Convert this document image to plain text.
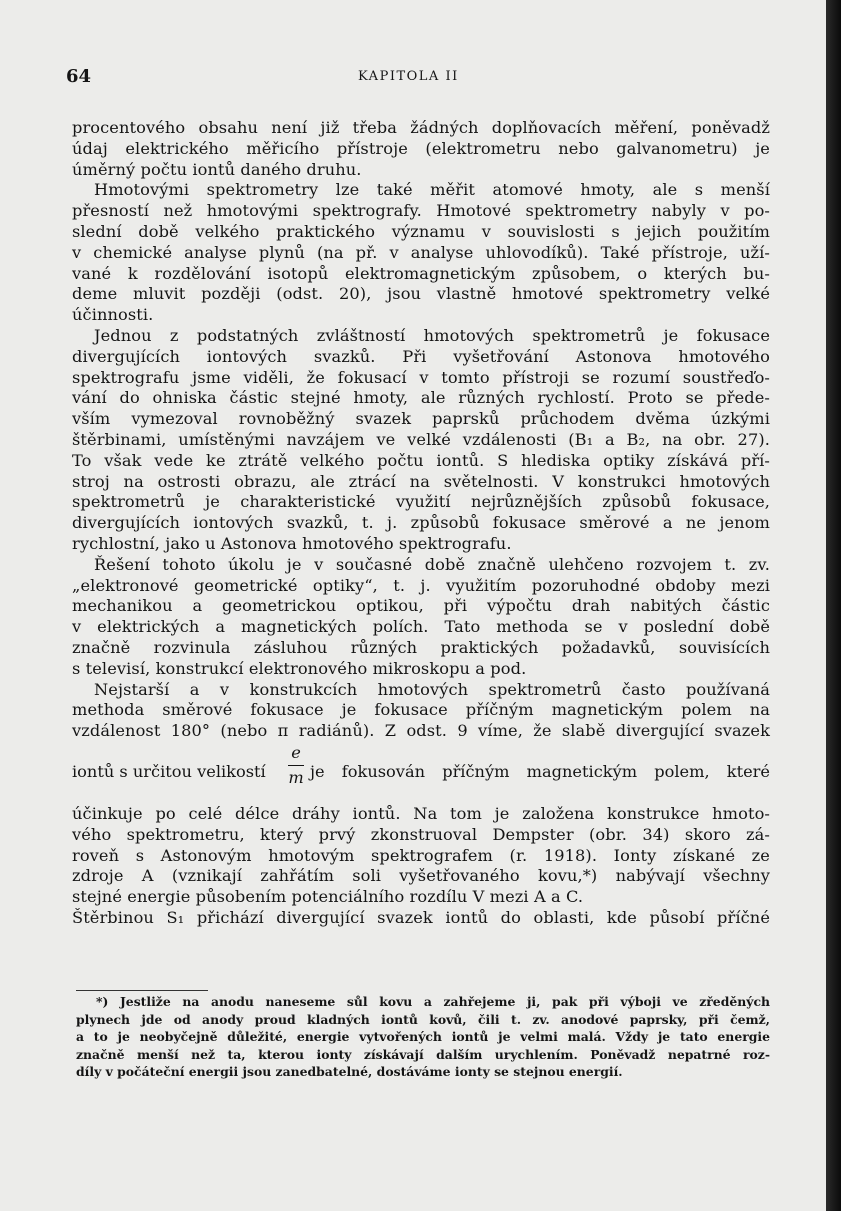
64	KAPITOLA II
procentového obsahu není již třeba žádných doplňovacích měření, poněvadž
údaj elektrického měřicího přístroje (elektrometru nebo galvanometru) je
úměrný počtu iontů daného druhu.
Hmotovými spektrometry lze také měřit atomové hmoty, ale s menší
přesností než hmotovými spektrografy. Hmotové spektrometry nabyly v po-
slední době velkého praktického významu v souvislosti s jejich použitím
v chemické analyse plynů (na př. v analyse uhlovodíků). Také přístroje, uží-
vané k rozdělování isotopů elektromagnetickým způsobem, o kterých bu-
deme mluvit později (odst. 20), jsou vlastně hmotové spektrometry velké
účinnosti.
Jednou z podstatných zvláštností hmotových spektrometrů je fokusace
divergujících iontových svazků. Při vyšetřování Astonova hmotového
spektrografu jsme viděli, že fokusací v tomto přístroji se rozumí soustřeďo-
vání do ohniska částic stejné hmoty, ale různých rychlostí. Proto se přede-
vším vymezoval rovnoběžný svazek paprsků průchodem dvěma úzkými
štěrbinami, umístěnými navzájem ve velké vzdálenosti (B₁ a B₂, na obr. 27).
To však vede ke ztrátě velkého počtu iontů. S hlediska optiky získává pří-
stroj na ostrosti obrazu, ale ztrácí na světelnosti. V konstrukci hmotových
spektrometrů je charakteristické využití nejrůznějších způsobů fokusace,
divergujících iontových svazků, t. j. způsobů fokusace směrové a ne jenom
rychlostní, jako u Astonova hmotového spektrografu.
Řešení tohoto úkolu je v současné době značně ulehčeno rozvojem t. zv.
„elektronové geometrické optiky“, t. j. využitím pozoruhodné obdoby mezi
mechanikou a geometrickou optikou, při výpočtu drah nabitých částic
v elektrických a magnetických polích. Tato methoda se v poslední době
značně rozvinula zásluhou různých praktických požadavků, souvisících
s televisí, konstrukcí elektronového mikroskopu a pod.
Nejstarší a v konstrukcích hmotových spektrometrů často používaná
methoda směrové fokusace je fokusace příčným magnetickým polem na
vzdálenost 180° (nebo π radiánů). Z odst. 9 víme, že slabě divergující svazek
iontů s určitou velikostí
e
m je fokusován příčným magnetickým polem, které
účinkuje po celé délce dráhy iontů. Na tom je založena konstrukce hmoto-
vého spektrometru, který prvý zkonstruoval Dempster (obr. 34) skoro zá-
roveň s Astonovým hmotovým spektrografem (r. 1918). Ionty získané ze
zdroje A (vznikají zahřátím soli vyšetřovaného kovu,*) nabývají všechny
stejné energie působením potenciálního rozdílu V mezi A a C.
Štěrbinou S₁ přichází divergující svazek iontů do oblasti, kde působí příčné
*) Jestliže na anodu naneseme sůl kovu a zahřejeme ji, pak při výboji ve zředěných
plynech jde od anody proud kladných iontů kovů, čili t. zv. anodové paprsky, při čemž,
a to je neobyčejně důležité, energie vytvořených iontů je velmi malá. Vždy je tato energie
značně menší než ta, kterou ionty získávají dalším urychlením. Poněvadž nepatrné roz-
díly v počáteční energii jsou zanedbatelné, dostáváme ionty se stejnou energií.
